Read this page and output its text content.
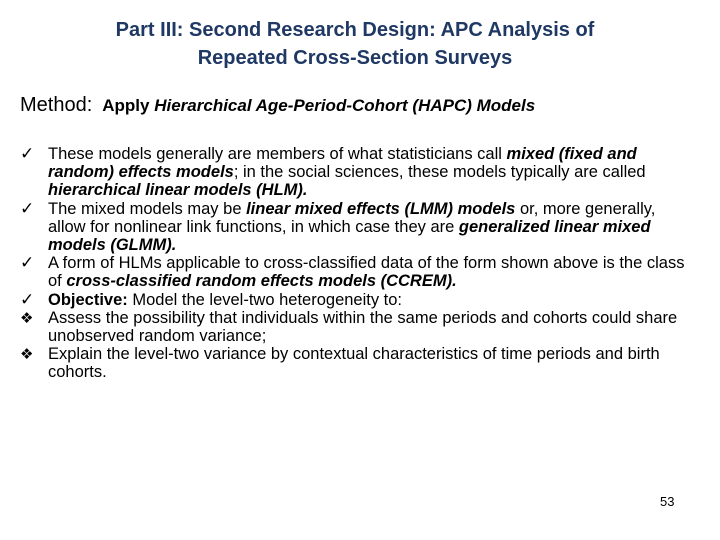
Part III: Second Research Design: APC Analysis of
Repeated Cross-Section Surveys
Method: Apply Hierarchical Age-Period-Cohort (HAPC) Models
✓ These models generally are members of what statisticians call mixed (fixed and random) effects models; in the social sciences, these models typically are called hierarchical linear models (HLM).
✓ The mixed models may be linear mixed effects (LMM) models or, more generally, allow for nonlinear link functions, in which case they are generalized linear mixed models (GLMM).
✓ A form of HLMs applicable to cross-classified data of the form shown above is the class of cross-classified random effects models (CCREM).
✓ Objective: Model the level-two heterogeneity to:
❖ Assess the possibility that individuals within the same periods and cohorts could share unobserved random variance;
❖ Explain the level-two variance by contextual characteristics of time periods and birth cohorts.
53
